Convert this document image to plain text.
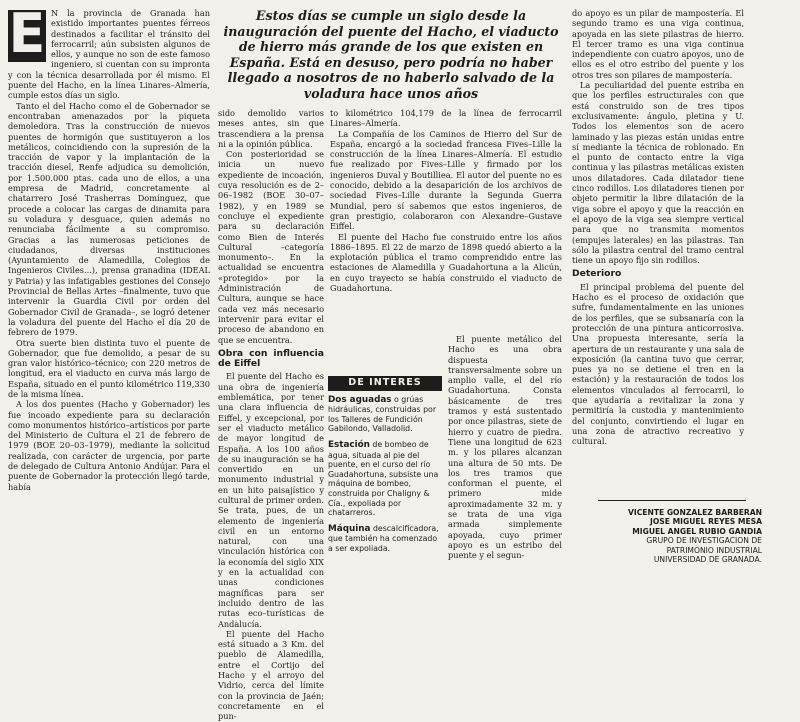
E N la provincia de Granada han existido importantes puentes férreos destinados a facilitar el tránsito del ferrocarril; aún subsisten algunos de ellos, y aunque no son de este famoso ingeniero, si cuentan con su impronta y con la técnica desarrollada por él mismo. El puente del Hacho, en la línea Linares–Almería, cumple estos días un siglo.

Tanto el del Hacho como el de Gobernador se encontraban amenazados por la piqueta demoledora. Tras la construcción de nuevos puentes de hormigón que sustituyeron a los metálicos, coincidiendo con la supresión de la tracción de vapor y la implantación de la tracción diesel, Renfe adjudica su demolición, por 1.500.000 ptas. cada uno de ellos, a una empresa de Madrid, concretamente al chatarrero José Trasherras Domínguez, que procede a colocar las cargas de dinamita para su voladura y desguace, quien además no renunciaba fácilmente a su compromiso. Gracias a las numerosas peticiones de ciudadanos, diversas instituciones (Ayuntamiento de Alamedilla, Colegios de Ingenieros Civiles...), prensa granadina (IDEAL y Patria) y las infatigables gestiones del Consejo Provincial de Bellas Artes –finalmente, tuvo que intervenir la Guardia Civil por orden del Gobernador Civil de Granada–, se logró detener la voladura del puente del Hacho el día 20 de febrero de 1979.

Otra suerte bien distinta tuvo el puente de Gobernador, que fue demolido, a pesar de su gran valor histórico–técnico; con 220 metros de longitud, era el viaducto en curva más largo de España, situado en el punto kilométrico 119,330 de la misma línea.

A los dos puentes (Hacho y Gobernador) les fue incoado expediente para su declaración como monumentos histórico–artísticos por parte del Ministerio de Cultura el 21 de febrero de 1979 (BOE 20–03–1979), mediante la solicitud realizada, con carácter de urgencia, por parte de delegado de Cultura Antonio Andújar. Para el puente de Gobernador la protección llegó tarde, había

Estos días se cumple un siglo desde la inauguración del puente del Hacho, el viaducto de hierro más grande de los que existen en España. Está en desuso, pero podría no haber llegado a nosotros de no haberlo salvado de la voladura hace unos años

sido demolido varios meses antes, sin que trascendiera a la prensa ni a la opinión pública.

Con posterioridad se inicia un nuevo expediente de incoación, cuya resolución es de 2–06–1982 (BOE 30–07–1982), y en 1989 se concluye el expediente para su declaración como Bien de Interés Cultural –categoría monumento–. En la actualidad se encuentra «protegido» por la Administración de Cultura, aunque se hace cada vez más necesario intervenir para evitar el proceso de abandono en que se encuentra.

Obra con influencia de Eiffel

El puente del Hacho es una obra de ingeniería emblemática, por tener una clara influencia de Eiffel, y excepcional, por ser el viaducto metálico de mayor longitud de España. A los 100 años de su inauguración se ha convertido en un monumento industrial y en un hito paisajístico y cultural de primer orden. Se trata, pues, de un elemento de ingeniería civil en un entorno natural, con una vinculación histórica con la economía del siglo XIX y en la actualidad con unas condiciones magníficas para ser incluido dentro de las rutas eco–turísticas de Andalucía.

El puente del Hacho está situado a 3 Km. del pueblo de Alamedilla, entre el Cortijo del Hacho y el arroyo del Vidrio, cerca del límite con la provincia de Jaén; concretamente en el pun-

to kilométrico 104,179 de la línea de ferrocarril Linares–Almería.

La Compañía de los Caminos de Hierro del Sur de España, encargó a la sociedad francesa Fives–Lille la construcción de la línea Linares–Almería. El estudio fue realizado por Fives–Lille y firmado por los ingenieros Duval y Boutilliea. El autor del puente no es conocido, debido a la desaparición de los archivos de sociedad Fives–Lille durante la Segunda Guerra Mundial, pero sí sabemos que estos ingenieros, de gran prestigio, colaboraron con Alexandre–Gustave Eiffel.

El puente del Hacho fue construido entre los años 1886–1895. El 22 de marzo de 1898 quedó abierto a la explotación pública el tramo comprendido entre las estaciones de Alamedilla y Guadahortuna a la Alicún, en cuyo trayecto se había construido el viaducto de Guadahortuna.

El puente metálico del Hacho es una obra dispuesta transversalmente sobre un amplio valle, el del río Guadahortuna. Consta básicamente de tres tramos y está sustentado por once pilastras, siete de hierro y cuatro de piedra. Tiene una longitud de 623 m. y los pilares alcanzan una altura de 50 mts. De los tres tramos que conforman el puente, el primero mide aproximadamente 32 m. y se trata de una viga armada simplemente apoyada, cuyo primer apoyo es un estribo del puente y el segun-

DE INTERES
Dos aguadas o grúas hidráulicas, construidas por los Talleres de Fundición Gabilondo, Valladolid.
Estación de bombeo de agua, situada al pie del puente, en el curso del río Guadahortuna, subsiste una máquina de bombeo, construida por Chaligny & Cía., expoliada por chatarreros.
Máquina descalcificadora, que también ha comenzado a ser expoliada.

do apoyo es un pilar de mampostería. El segundo tramo es una viga continua, apoyada en las siete pilastras de hierro. El tercer tramo es una viga continua independiente con cuatro apoyos, uno de ellos es el otro estribo del puente y los otros tres son pilares de mampostería.

La peculiaridad del puente estriba en que los perfiles estructurales con que está construido son de tres tipos exclusivamente: ángulo, pletina y U. Todos los elementos son de acero laminado y las piezas están unidas entre sí mediante la técnica de roblonado. En el punto de contacto entre la viga continua y las pilastras metálicas existen unos dilatadores. Cada dilatador tiene cinco rodillos. Los dilatadores tienen por objeto permitir la libre dilatación de la viga sobre el apoyo y que la reacción en el apoyo de la viga sea siempre vertical para que no transmita momentos (empujes laterales) en las pilastras. Tan sólo la pilastra central del tramo central tiene un apoyo fijo sin rodillos.

Deterioro

El principal problema del puente del Hacho es el proceso de oxidación que sufre, fundamentalmente en las uniones de los perfiles, que se subsanaría con la protección de una pintura anticorrosiva. Una propuesta interesante, sería la apertura de un restaurante y una sala de exposición (la cantina tuvo que cerrar, pues ya no se detiene el tren en la estación) y la restauración de todos los elementos vinculados al ferrocarril, lo que ayudaría a revitalizar la zona y permitiría la custodia y mantenimiento del conjunto, convirtiendo el lugar en una zona de atractivo recreativo y cultural.

VICENTE GONZALEZ BARBERAN
JOSE MIGUEL REYES MESA
MIGUEL ANGEL RUBIO GANDIA
GRUPO DE INVESTIGACION DE
PATRIMONIO INDUSTRIAL
UNIVERSIDAD DE GRANADA.
